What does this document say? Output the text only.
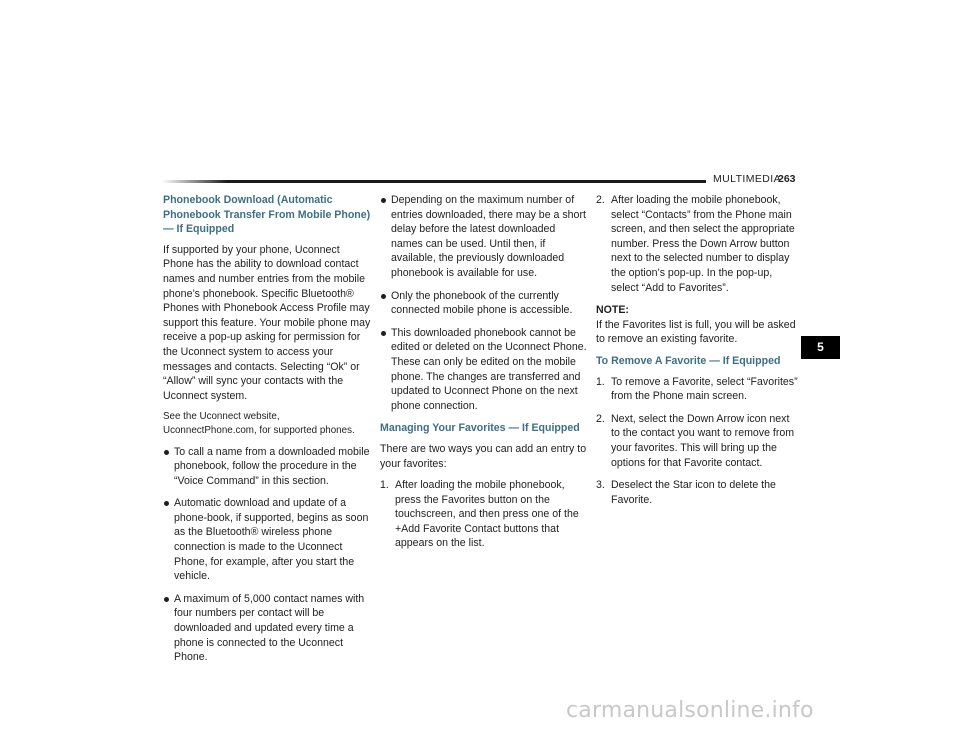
MULTIMEDIA
263
Phonebook Download (Automatic Phonebook Transfer From Mobile Phone) — If Equipped

If supported by your phone, Uconnect Phone has the ability to download contact names and number entries from the mobile phone’s phonebook. Specific Bluetooth® Phones with Phonebook Access Profile may support this feature. Your mobile phone may receive a pop-up asking for permission for the Uconnect system to access your messages and contacts. Selecting “Ok” or “Allow” will sync your contacts with the Uconnect system.

See the Uconnect website, UconnectPhone.com, for supported phones.

To call a name from a downloaded mobile phonebook, follow the procedure in the “Voice Command” in this section.
Automatic download and update of a phone-book, if supported, begins as soon as the Bluetooth® wireless phone connection is made to the Uconnect Phone, for example, after you start the vehicle.
A maximum of 5,000 contact names with four numbers per contact will be downloaded and updated every time a phone is connected to the Uconnect Phone.
Depending on the maximum number of entries downloaded, there may be a short delay before the latest downloaded names can be used. Until then, if available, the previously downloaded phonebook is available for use.
Only the phonebook of the currently connected mobile phone is accessible.
This downloaded phonebook cannot be edited or deleted on the Uconnect Phone. These can only be edited on the mobile phone. The changes are transferred and updated to Uconnect Phone on the next phone connection.
Managing Your Favorites — If Equipped

There are two ways you can add an entry to your favorites:

1. After loading the mobile phonebook, press the Favorites button on the touchscreen, and then press one of the +Add Favorite Contact buttons that appears on the list.
2. After loading the mobile phonebook, select “Contacts” from the Phone main screen, and then select the appropriate number. Press the Down Arrow button next to the selected number to display the option’s pop-up. In the pop-up, select “Add to Favorites”.

NOTE:

If the Favorites list is full, you will be asked to remove an existing favorite.

To Remove A Favorite — If Equipped
1. To remove a Favorite, select “Favorites” from the Phone main screen.
2. Next, select the Down Arrow icon next to the contact you want to remove from your favorites. This will bring up the options for that Favorite contact.
3. Deselect the Star icon to delete the Favorite.
5
carmanualsonline.info
